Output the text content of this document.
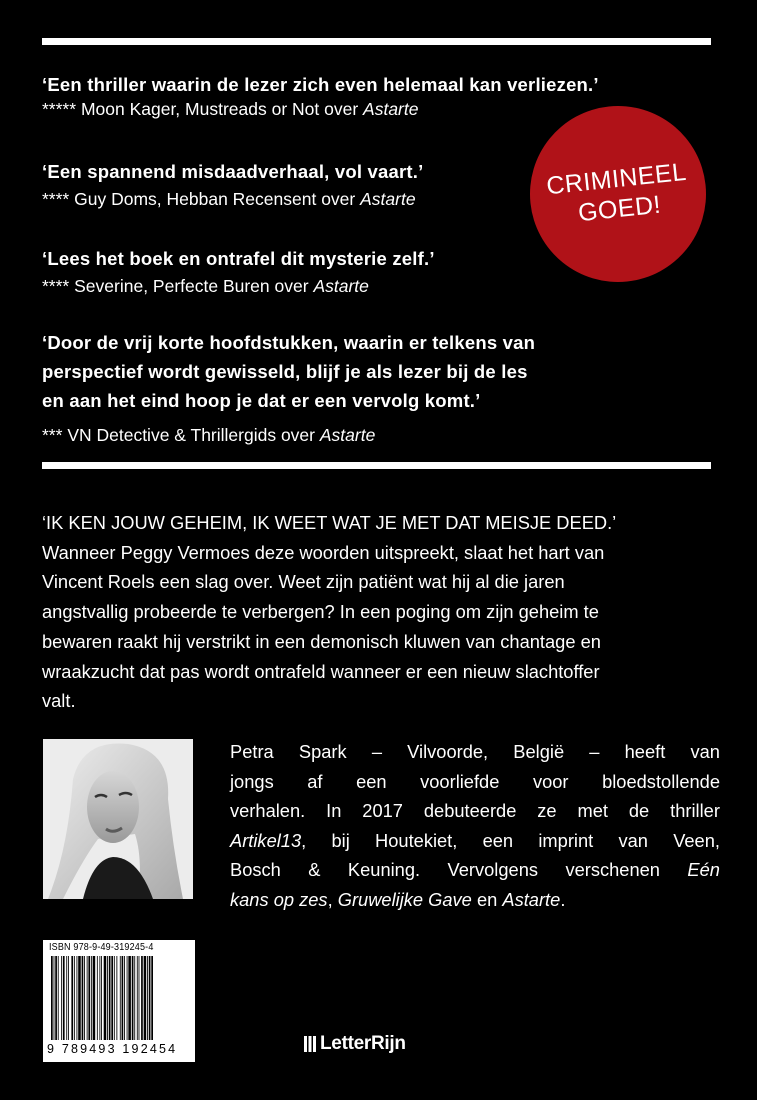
‘Een thriller waarin de lezer zich even helemaal kan verliezen.’

***** Moon Kager, Mustreads or Not over Astarte

‘Een spannend misdaadverhaal, vol vaart.’

**** Guy Doms, Hebban Recensent over Astarte

‘Lees het boek en ontrafel dit mysterie zelf.’

**** Severine, Perfecte Buren over Astarte

‘Door de vrij korte hoofdstukken, waarin er telkens van

perspectief wordt gewisseld, blijf je als lezer bij de les

en aan het eind hoop je dat er een vervolg komt.’

*** VN Detective & Thrillergids over Astarte

CRIMINEEL
GOED!

‘IK KEN JOUW GEHEIM, IK WEET WAT JE MET DAT MEISJE DEED.’
Wanneer Peggy Vermoes deze woorden uitspreekt, slaat het hart van
Vincent Roels een slag over. Weet zijn patiënt wat hij al die jaren
angstvallig probeerde te verbergen? In een poging om zijn geheim te
bewaren raakt hij verstrikt in een demonisch kluwen van chantage en
wraakzucht dat pas wordt ontrafeld wanneer er een nieuw slachtoffer
valt.

Petra Spark – Vilvoorde, België – heeft van
jongs af een voorliefde voor bloedstollende
verhalen. In 2017 debuteerde ze met de thriller
Artikel13, bij Houtekiet, een imprint van Veen,
Bosch & Keuning. Vervolgens verschenen Eén
kans op zes, Gruwelijke Gave en Astarte.
ISBN 978-9-49-319245-4
9 789493 192454	LetterRijn
